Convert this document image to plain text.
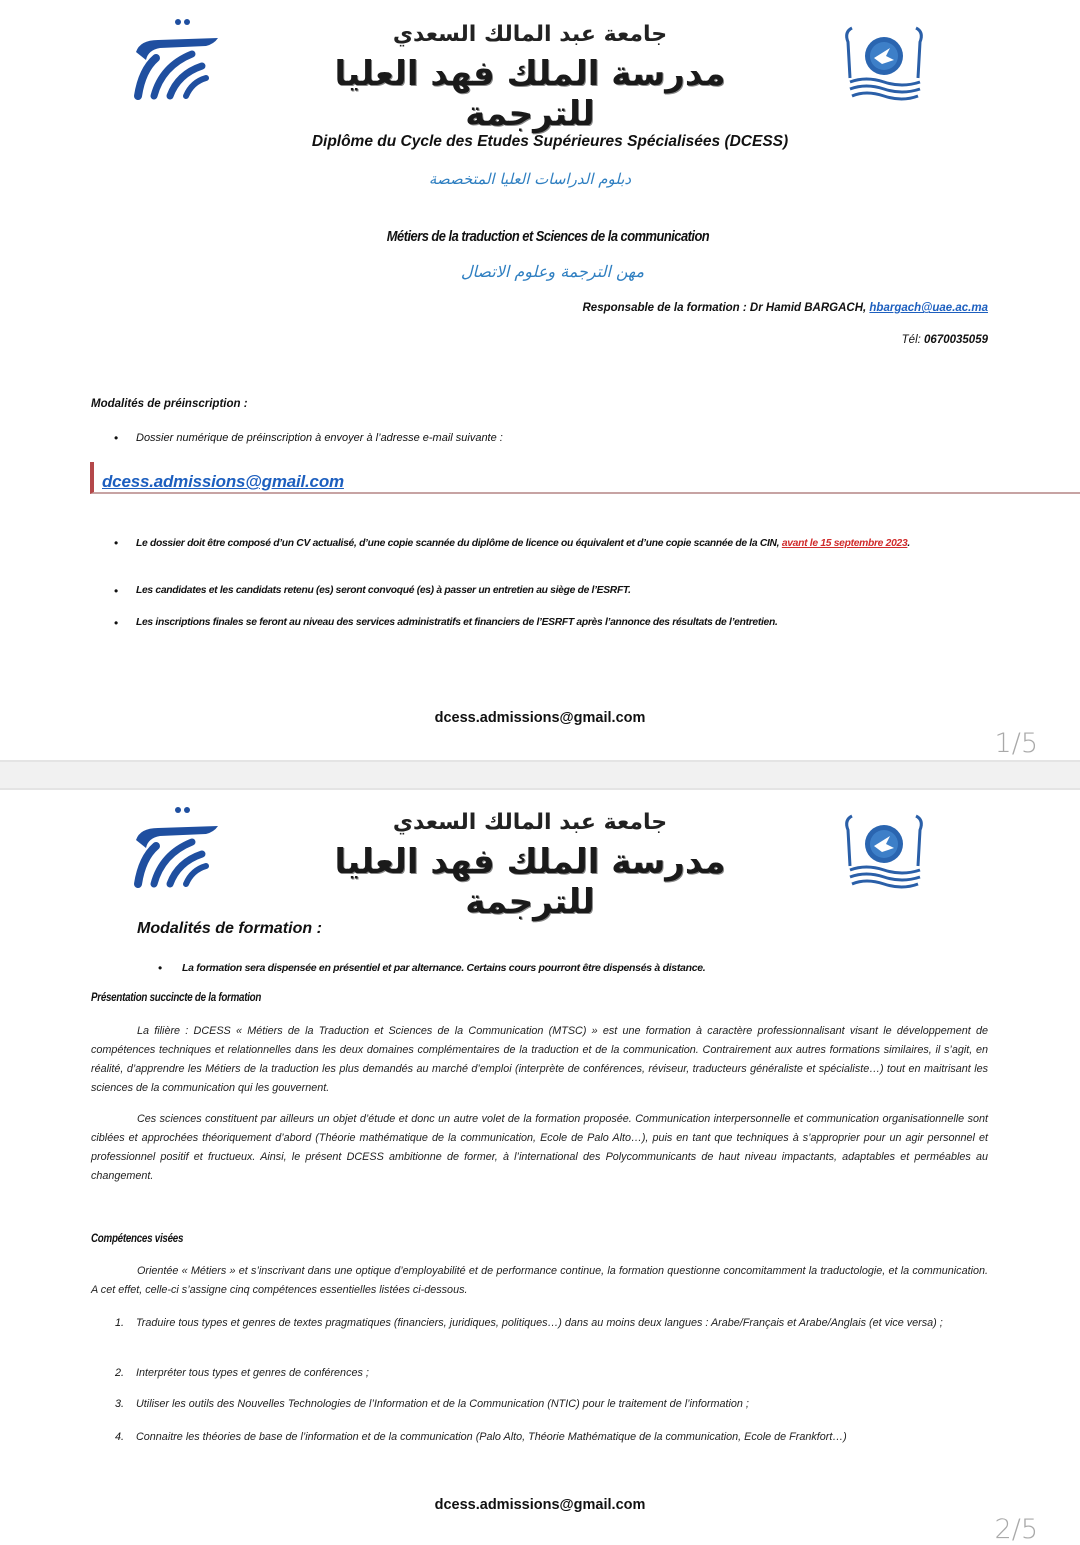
جامعة عبد المالك السعدي
مدرسة الملك فهد العليا للترجمة
Diplôme du Cycle des Etudes Supérieures Spécialisées (DCESS)
دبلوم الدراسات العليا المتخصصة
Métiers de la traduction et Sciences de la communication
مهن الترجمة وعلوم الاتصال
Responsable de la formation : Dr Hamid BARGACH, hbargach@uae.ac.ma
Tél: 0670035059
Modalités de préinscription :
•	Dossier numérique de préinscription à envoyer à l’adresse e-mail suivante :
dcess.admissions@gmail.com
•	Le dossier doit être composé d’un CV actualisé, d’une copie scannée du diplôme de licence ou équivalent et d’une copie scannée de la CIN, avant le 15 septembre 2023.
•	Les candidates et les candidats retenu (es) seront convoqué (es) à passer un entretien au siège de l’ESRFT.
•	Les inscriptions finales se feront au niveau des services administratifs et financiers de l’ESRFT après l’annonce des résultats de l’entretien.
dcess.admissions@gmail.com
1/5
جامعة عبد المالك السعدي
مدرسة الملك فهد العليا للترجمة
Modalités de formation :
•	La formation sera dispensée en présentiel et par alternance. Certains cours pourront être dispensés à distance.
Présentation succincte de la formation
La filière : DCESS « Métiers de la Traduction et Sciences de la Communication (MTSC) » est une formation à caractère professionnalisant visant le développement de compétences techniques et relationnelles dans les deux domaines complémentaires de la traduction et de la communication. Contrairement aux autres formations similaires, il s’agit, en réalité, d’apprendre les Métiers de la traduction les plus demandés au marché d’emploi (interprète de conférences, réviseur, traducteurs généraliste et spécialiste…) tout en maitrisant les sciences de la communication qui les gouvernent.
Ces sciences constituent par ailleurs un objet d’étude et donc un autre volet de la formation proposée. Communication interpersonnelle et communication organisationnelle sont ciblées et approchées théoriquement d’abord (Théorie mathématique de la communication, Ecole de Palo Alto…), puis en tant que techniques à s’approprier pour un agir personnel et professionnel positif et fructueux. Ainsi, le présent DCESS ambitionne de former, à l’international des Polycommunicants de haut niveau impactants, adaptables et perméables au changement.
Compétences visées
Orientée « Métiers » et s’inscrivant dans une optique d’employabilité et de performance continue, la formation questionne concomitamment la traductologie, et la communication. A cet effet, celle-ci s’assigne cinq compétences essentielles listées ci-dessous.
1.	Traduire tous types et genres de textes pragmatiques (financiers, juridiques, politiques…) dans au moins deux langues : Arabe/Français et Arabe/Anglais (et vice versa) ;
2.	Interpréter tous types et genres de conférences ;
3.	Utiliser les outils des Nouvelles Technologies de l’Information et de la Communication (NTIC) pour le traitement de l’information ;
4.	Connaitre les théories de base de l’information et de la communication (Palo Alto, Théorie Mathématique de la communication, Ecole de Frankfort…)
dcess.admissions@gmail.com
2/5
